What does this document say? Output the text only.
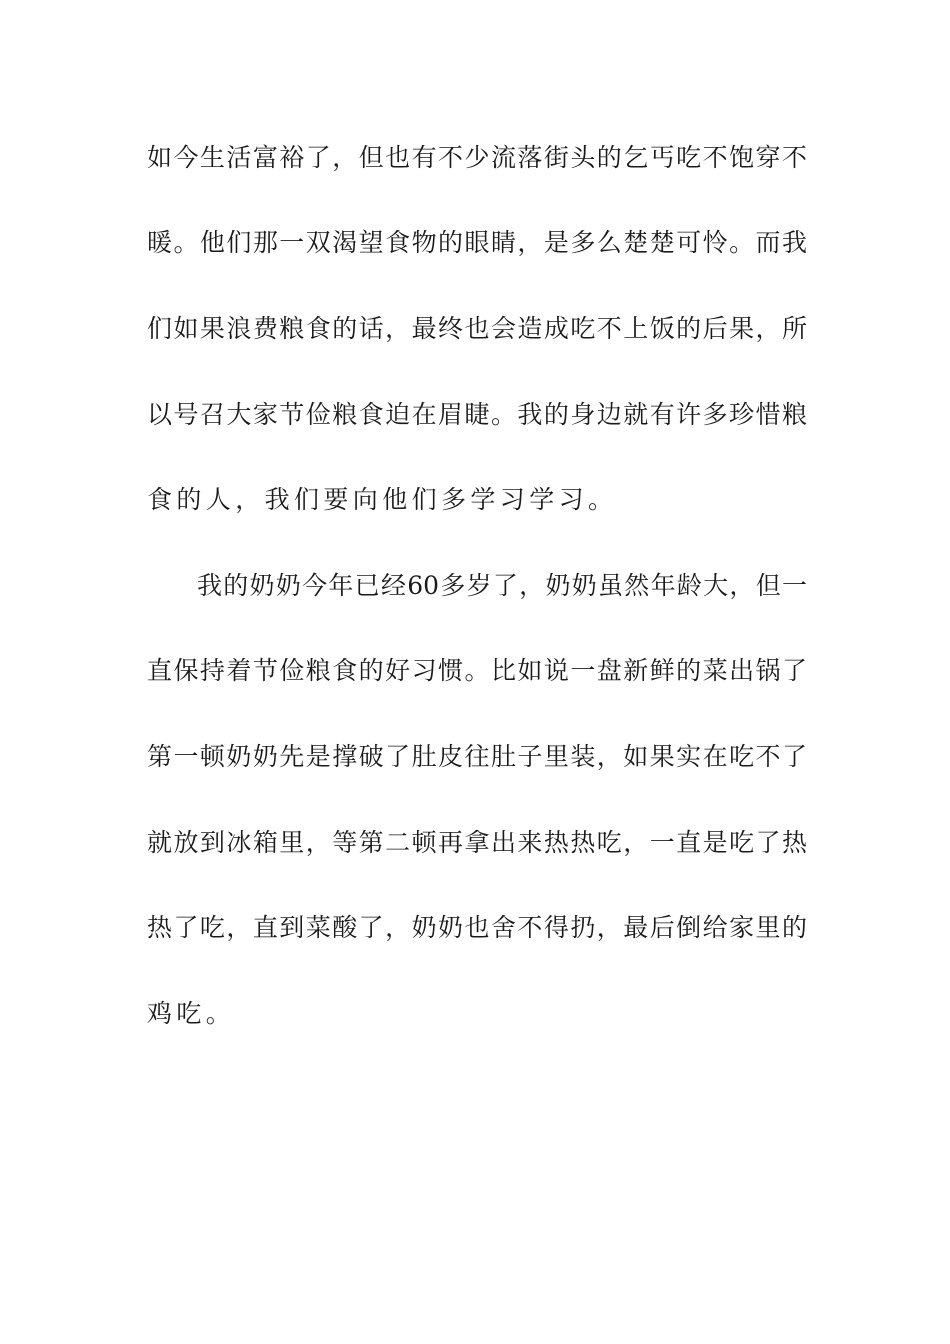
如今生活富裕了，但也有不少流落街头的乞丐吃不饱穿不
暖。他们那一双渴望食物的眼睛，是多么楚楚可怜。而我
们如果浪费粮食的话，最终也会造成吃不上饭的后果，所
以号召大家节俭粮食迫在眉睫。我的身边就有许多珍惜粮
食的人，我们要向他们多学习学习。
我的奶奶今年已经60多岁了，奶奶虽然年龄大，但一
直保持着节俭粮食的好习惯。比如说一盘新鲜的菜出锅了
第一顿奶奶先是撑破了肚皮往肚子里装，如果实在吃不了
就放到冰箱里，等第二顿再拿出来热热吃，一直是吃了热
热了吃，直到菜酸了，奶奶也舍不得扔，最后倒给家里的
鸡吃。
